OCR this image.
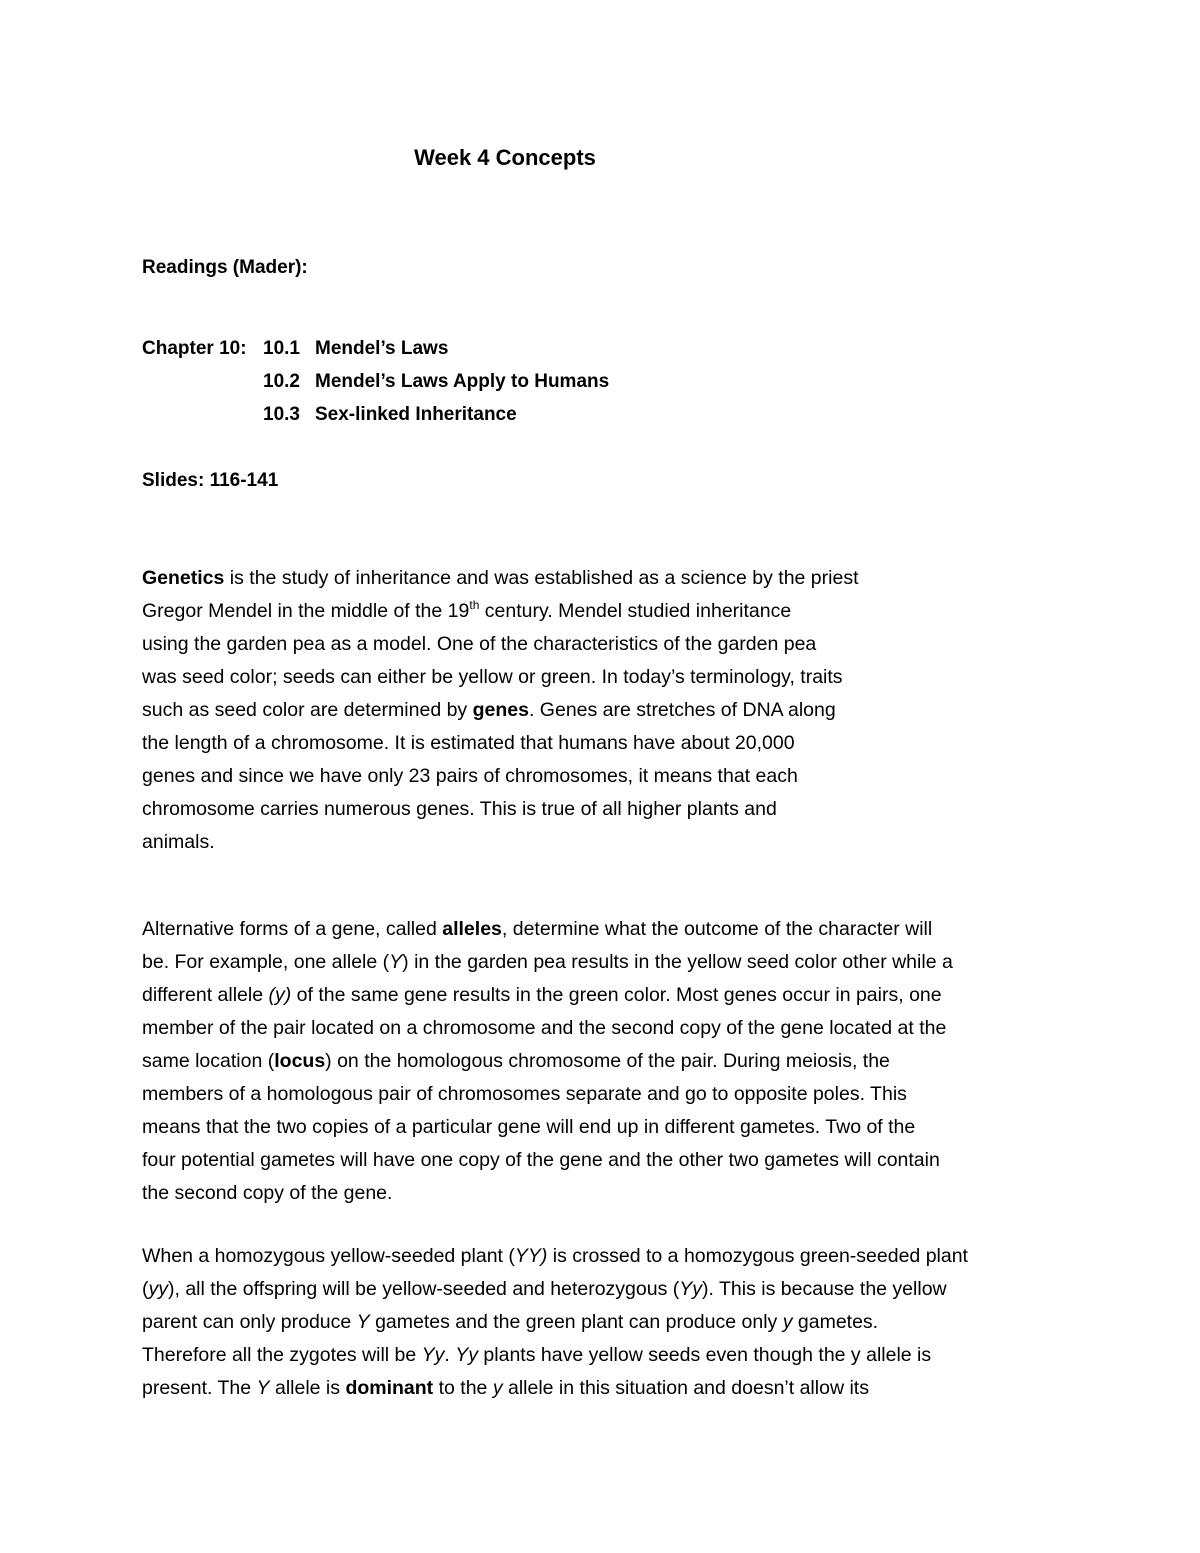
Week 4 Concepts
Readings (Mader):
Chapter 10: 10.1 Mendel’s Laws
10.2 Mendel’s Laws Apply to Humans
10.3 Sex-linked Inheritance
Slides: 116-141
Genetics is the study of inheritance and was established as a science by the priest
Gregor Mendel in the middle of the 19th century. Mendel studied inheritance
using the garden pea as a model. One of the characteristics of the garden pea
was seed color; seeds can either be yellow or green. In today’s terminology, traits
such as seed color are determined by genes. Genes are stretches of DNA along
the length of a chromosome. It is estimated that humans have about 20,000
genes and since we have only 23 pairs of chromosomes, it means that each
chromosome carries numerous genes. This is true of all higher plants and
animals.
Alternative forms of a gene, called alleles, determine what the outcome of the character will
be. For example, one allele (Y) in the garden pea results in the yellow seed color other while a
different allele (y) of the same gene results in the green color. Most genes occur in pairs, one
member of the pair located on a chromosome and the second copy of the gene located at the
same location (locus) on the homologous chromosome of the pair. During meiosis, the
members of a homologous pair of chromosomes separate and go to opposite poles. This
means that the two copies of a particular gene will end up in different gametes. Two of the
four potential gametes will have one copy of the gene and the other two gametes will contain
the second copy of the gene.
When a homozygous yellow-seeded plant (YY) is crossed to a homozygous green-seeded plant
(yy), all the offspring will be yellow-seeded and heterozygous (Yy). This is because the yellow
parent can only produce Y gametes and the green plant can produce only y gametes.
Therefore all the zygotes will be Yy. Yy plants have yellow seeds even though the y allele is
present. The Y allele is dominant to the y allele in this situation and doesn’t allow its
